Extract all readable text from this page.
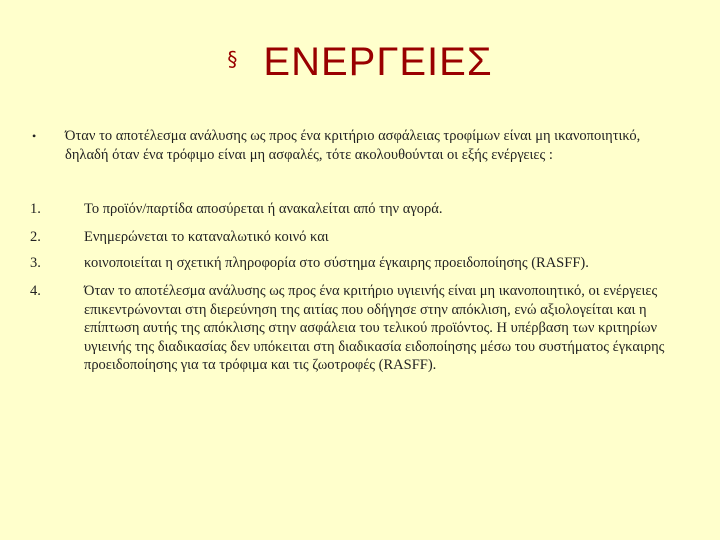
§ ΕΝΕΡΓΕΙΕΣ
•	Όταν το αποτέλεσμα ανάλυσης ως προς ένα κριτήριο ασφάλειας τροφίμων είναι μη ικανοποιητικό, δηλαδή όταν ένα τρόφιμο είναι μη ασφαλές, τότε ακολουθούνται οι εξής ενέργειες :
1.	Το προϊόν/παρτίδα αποσύρεται ή ανακαλείται από την αγορά.
2.	Ενημερώνεται το καταναλωτικό κοινό και
3.	κοινοποιείται η σχετική πληροφορία στο σύστημα έγκαιρης προειδοποίησης (RASFF).
4.	Όταν το αποτέλεσμα ανάλυσης ως προς ένα κριτήριο υγιεινής είναι μη ικανοποιητικό, οι ενέργειες επικεντρώνονται στη διερεύνηση της αιτίας που οδήγησε στην απόκλιση, ενώ αξιολογείται και η επίπτωση αυτής της απόκλισης στην ασφάλεια του τελικού προϊόντος. Η υπέρβαση των κριτηρίων υγιεινής της διαδικασίας δεν υπόκειται στη διαδικασία ειδοποίησης μέσω του συστήματος έγκαιρης προειδοποίησης για τα τρόφιμα και τις ζωοτροφές (RASFF).
